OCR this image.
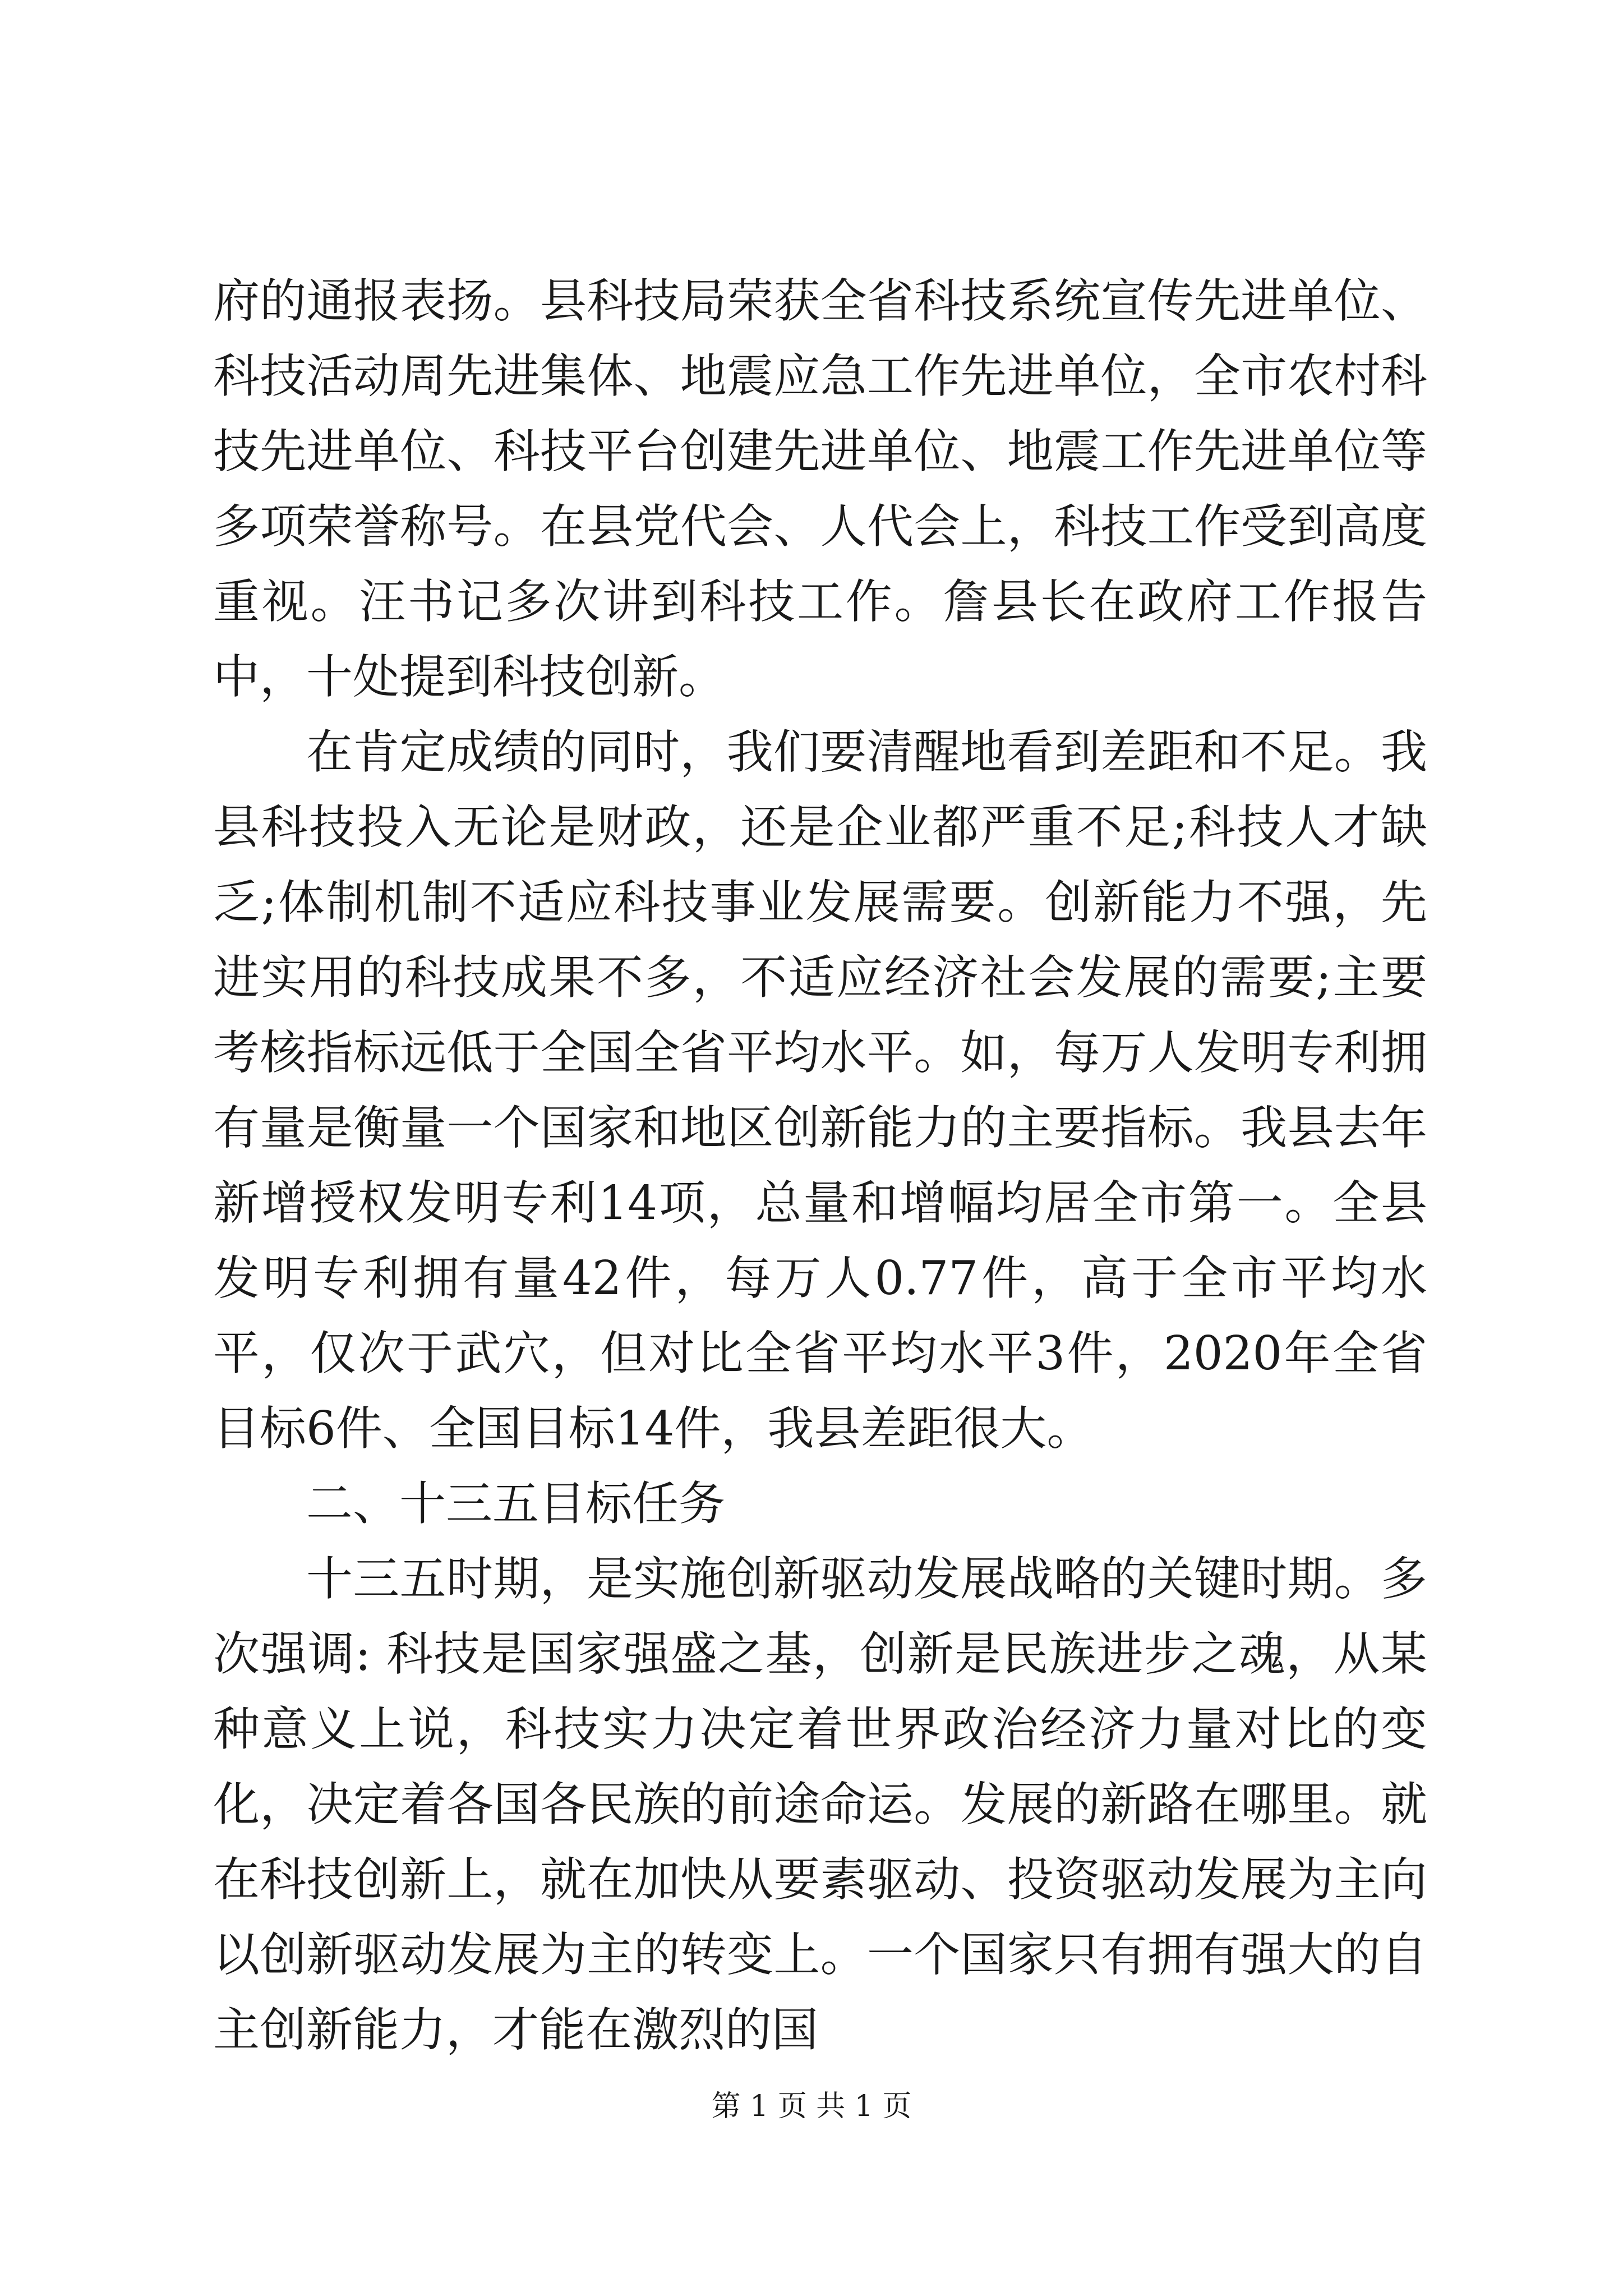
府的通报表扬。县科技局荣获全省科技系统宣传先进单位、科技活动周先进集体、地震应急工作先进单位，全市农村科技先进单位、科技平台创建先进单位、地震工作先进单位等多项荣誉称号。在县党代会、人代会上，科技工作受到高度重视。汪书记多次讲到科技工作。詹县长在政府工作报告中，十处提到科技创新。

在肯定成绩的同时，我们要清醒地看到差距和不足。我县科技投入无论是财政，还是企业都严重不足;科技人才缺乏;体制机制不适应科技事业发展需要。创新能力不强，先进实用的科技成果不多，不适应经济社会发展的需要;主要考核指标远低于全国全省平均水平。如，每万人发明专利拥有量是衡量一个国家和地区创新能力的主要指标。我县去年新增授权发明专利14项，总量和增幅均居全市第一。全县发明专利拥有量42件，每万人0.77件，高于全市平均水平，仅次于武穴，但对比全省平均水平3件，2020年全省目标6件、全国目标14件，我县差距很大。

二、十三五目标任务

十三五时期，是实施创新驱动发展战略的关键时期。多次强调: 科技是国家强盛之基，创新是民族进步之魂，从某种意义上说，科技实力决定着世界政治经济力量对比的变化，决定着各国各民族的前途命运。发展的新路在哪里。就在科技创新上，就在加快从要素驱动、投资驱动发展为主向以创新驱动发展为主的转变上。一个国家只有拥有强大的自主创新能力，才能在激烈的国

第 1 页 共 1 页
